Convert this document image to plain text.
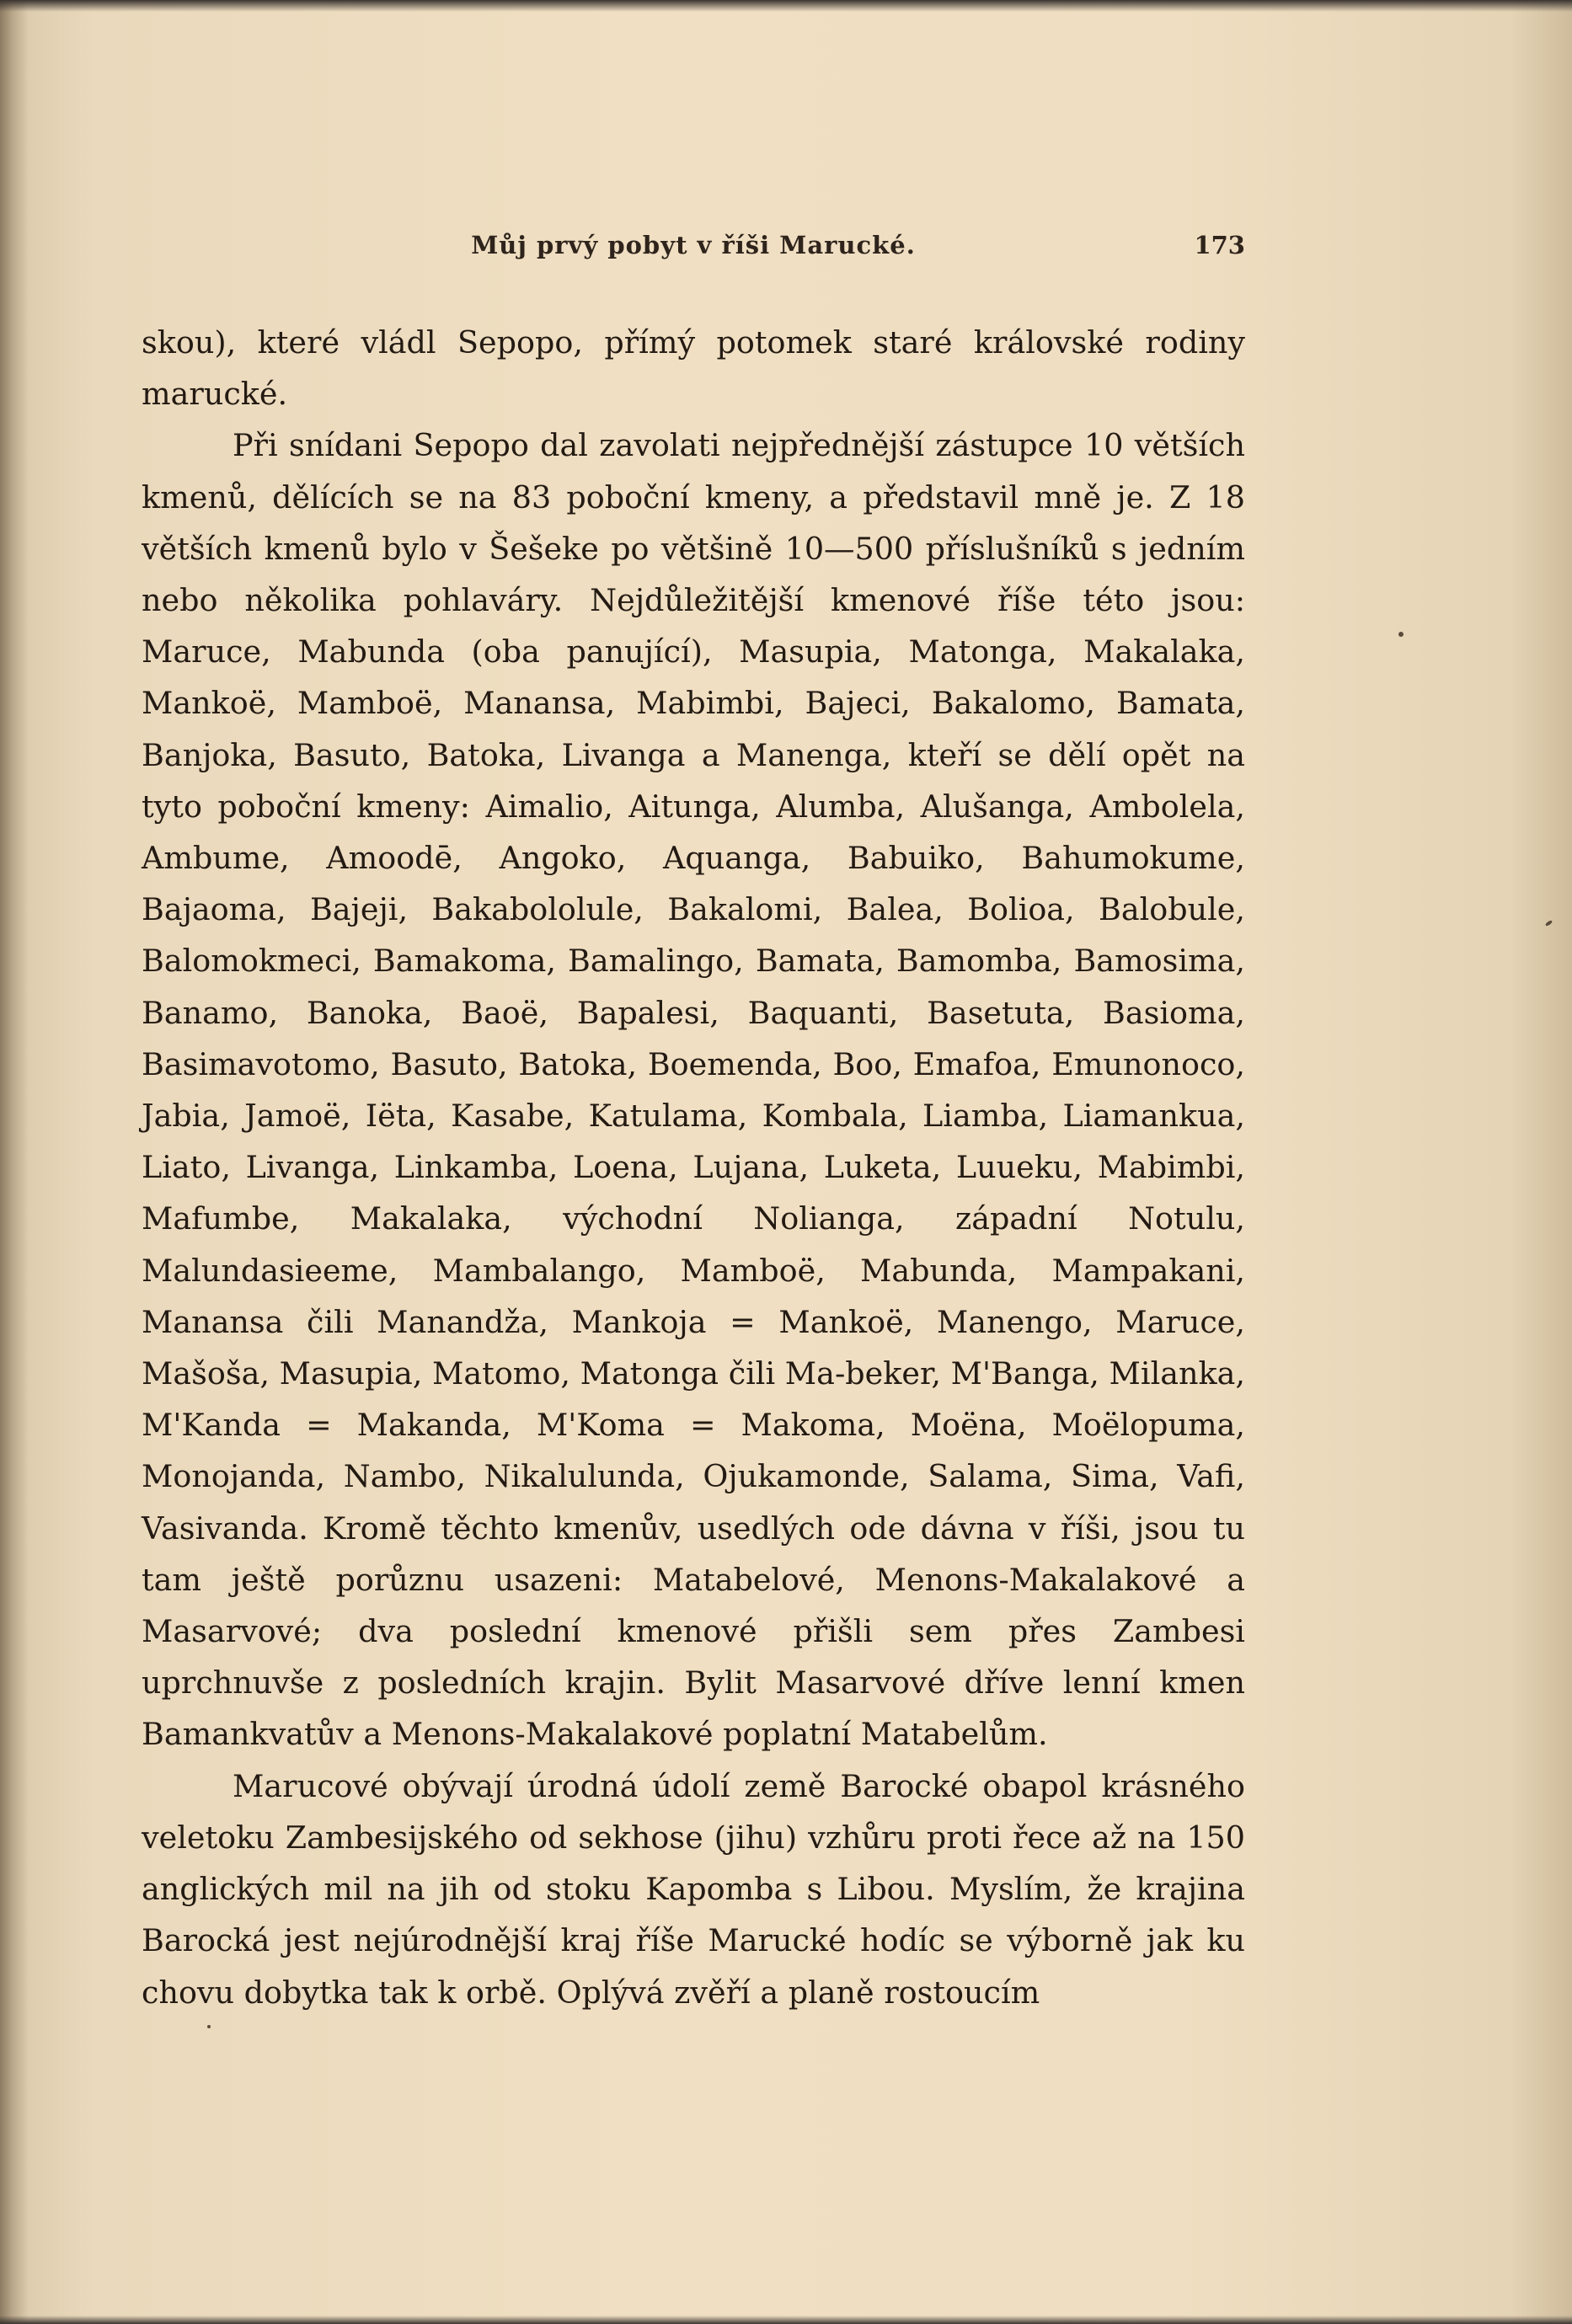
Můj prvý pobyt v říši Marucké.	173

skou), které vládl Sepopo, přímý potomek staré královské rodiny marucké.

Při snídani Sepopo dal zavolati nejpřednější zástupce 10 větších kmenů, dělících se na 83 poboční kmeny, a představil mně je. Z 18 větších kmenů bylo v Šešeke po většině 10—500 příslušníků s jedním nebo několika pohlaváry. Nejdůležitější kmenové říše této jsou: Maruce, Mabunda (oba panující), Masupia, Matonga, Makalaka, Mankoë, Mamboë, Manansa, Mabimbi, Bajeci, Bakalomo, Bamata, Banjoka, Basuto, Batoka, Livanga a Manenga, kteří se dělí opět na tyto poboční kmeny: Aimalio, Aitunga, Alumba, Alušanga, Ambolela, Ambume, Amoodē, Angoko, Aquanga, Babuiko, Bahumokume, Bajaoma, Bajeji, Bakabololule, Bakalomi, Balea, Bolioa, Balobule, Balomokmeci, Bamakoma, Bamalingo, Bamata, Bamomba, Bamosima, Banamo, Banoka, Baoë, Bapalesi, Baquanti, Basetuta, Basioma, Basimavotomo, Basuto, Batoka, Boemenda, Boo, Emafoa, Emunonoco, Jabia, Jamoë, Iëta, Kasabe, Katulama, Kombala, Liamba, Liamankua, Liato, Livanga, Linkamba, Loena, Lujana, Luketa, Luueku, Mabimbi, Mafumbe, Makalaka, východní Nolianga, západní Notulu, Malundasieeme, Mambalango, Mamboë, Mabunda, Mampakani, Manansa čili Manandža, Mankoja = Mankoë, Manengo, Maruce, Mašoša, Masupia, Matomo, Matonga čili Ma-beker, M'Banga, Milanka, M'Kanda = Makanda, M'Koma = Makoma, Moëna, Moëlopuma, Monojanda, Nambo, Nikalulunda, Ojukamonde, Salama, Sima, Vafi, Vasivanda. Kromě těchto kmenův, usedlých ode dávna v říši, jsou tu tam ještě porůznu usazeni: Matabelové, Menons-Makalakové a Masarvové; dva poslední kmenové přišli sem přes Zambesi uprchnuvše z posledních krajin. Bylit Masarvové dříve lenní kmen Bamankvatův a Menons-Makalakové poplatní Matabelům.

Marucové obývají úrodná údolí země Barocké obapol krásného veletoku Zambesijského od sekhose (jihu) vzhůru proti řece až na 150 anglických mil na jih od stoku Kapomba s Libou. Myslím, že krajina Barocká jest nejúrodnější kraj říše Marucké hodíc se výborně jak ku chovu dobytka tak k orbě. Oplývá zvěří a planě rostoucím
